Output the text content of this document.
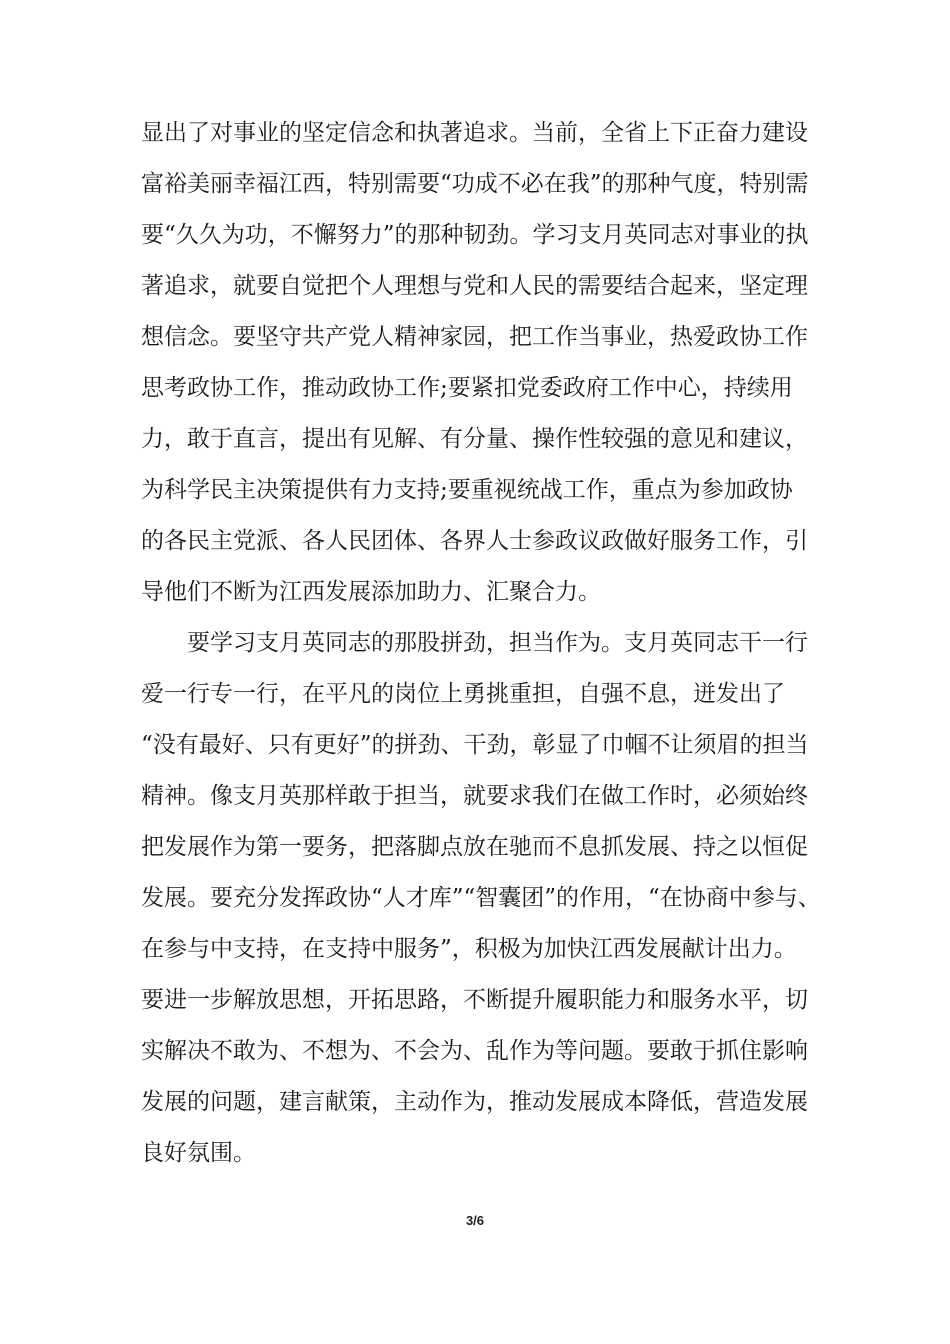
显出了对事业的坚定信念和执著追求。当前，全省上下正奋力建设
富裕美丽幸福江西，特别需要“功成不必在我”的那种气度，特别需
要“久久为功，不懈努力”的那种韧劲。学习支月英同志对事业的执
著追求，就要自觉把个人理想与党和人民的需要结合起来，坚定理
想信念。要坚守共产党人精神家园，把工作当事业，热爱政协工作
思考政协工作，推动政协工作;要紧扣党委政府工作中心，持续用
力，敢于直言，提出有见解、有分量、操作性较强的意见和建议，
为科学民主决策提供有力支持;要重视统战工作，重点为参加政协
的各民主党派、各人民团体、各界人士参政议政做好服务工作，引
导他们不断为江西发展添加助力、汇聚合力。
　　要学习支月英同志的那股拼劲，担当作为。支月英同志干一行
爱一行专一行，在平凡的岗位上勇挑重担，自强不息，迸发出了
“没有最好、只有更好”的拼劲、干劲，彰显了巾帼不让须眉的担当
精神。像支月英那样敢于担当，就要求我们在做工作时，必须始终
把发展作为第一要务，把落脚点放在驰而不息抓发展、持之以恒促
发展。要充分发挥政协“人才库”“智囊团”的作用，“在协商中参与、
在参与中支持，在支持中服务”，积极为加快江西发展献计出力。
要进一步解放思想，开拓思路，不断提升履职能力和服务水平，切
实解决不敢为、不想为、不会为、乱作为等问题。要敢于抓住影响
发展的问题，建言献策，主动作为，推动发展成本降低，营造发展
良好氛围。
3/6
